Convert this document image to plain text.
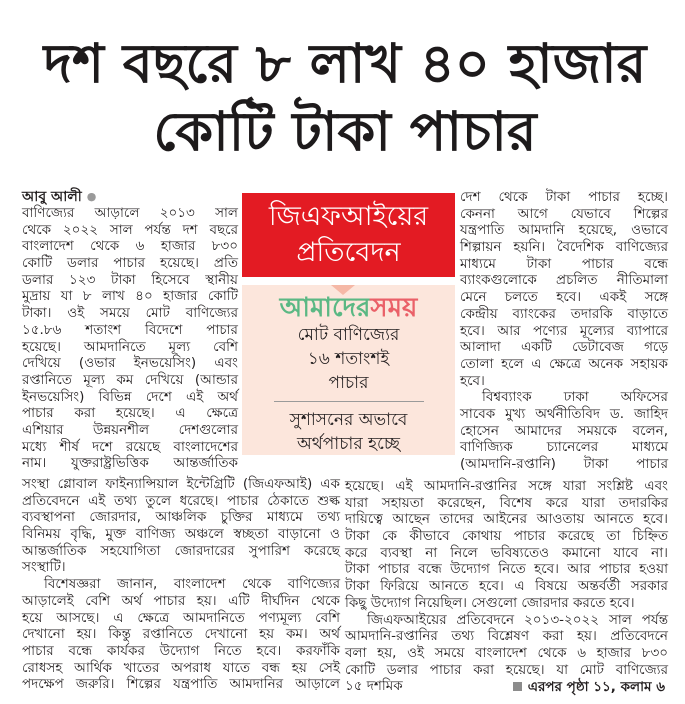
দশ বছরে ৮ লাখ ৪০ হাজার
কোটি টাকা পাচার
আবু আলী ●
বাণিজ্যের আড়ালে ২০১৩ সাল
থেকে ২০২২ সাল পর্যন্ত দশ বছরে
বাংলাদেশ থেকে ৬ হাজার ৮৩০
কোটি ডলার পাচার হয়েছে। প্রতি
ডলার ১২৩ টাকা হিসেবে স্থানীয়
মুদ্রায় যা ৮ লাখ ৪০ হাজার কোটি
টাকা। ওই সময়ে মোট বাণিজ্যের
১৫.৮৬ শতাংশ বিদেশে পাচার
হয়েছে। আমদানিতে মূল্য বেশি
দেখিয়ে (ওভার ইনভয়েসিং) এবং
রপ্তানিতে মূল্য কম দেখিয়ে (আন্ডার
ইনভয়েসিং) বিভিন্ন দেশে এই অর্থ
পাচার করা হয়েছে। এ ক্ষেত্রে
এশিয়ার উন্নয়নশীল দেশগুলোর
মধ্যে শীর্ষ দশে রয়েছে বাংলাদেশের
নাম। যুক্তরাষ্ট্রভিত্তিক আন্তর্জাতিক
সংস্থা গ্লোবাল ফাইন্যান্সিয়াল ইন্টেগ্রিটি (জিএফআই) এক
প্রতিবেদনে এই তথ্য তুলে ধরেছে। পাচার ঠেকাতে শুল্ক
ব্যবস্থাপনা জোরদার, আঞ্চলিক চুক্তির মাধ্যমে তথ্য
বিনিময় বৃদ্ধি, মুক্ত বাণিজ্য অঞ্চলে স্বচ্ছতা বাড়ানো ও
আন্তর্জাতিক সহযোগিতা জোরদারের সুপারিশ করেছে
সংস্থাটি।
বিশেষজ্ঞরা জানান, বাংলাদেশ থেকে বাণিজ্যের
আড়ালেই বেশি অর্থ পাচার হয়। এটি দীর্ঘদিন থেকে
হয়ে আসছে। এ ক্ষেত্রে আমদানিতে পণ্যমূল্য বেশি
দেখানো হয়। কিন্তু রপ্তানিতে দেখানো হয় কম। অর্থ
পাচার বন্ধে কার্যকর উদ্যোগ নিতে হবে। করফাঁকি
রোধসহ আর্থিক খাতের অপরাধ যাতে বন্ধ হয় সেই
পদক্ষেপ জরুরি। শিল্পের যন্ত্রপাতি আমদানির আড়ালে
দেশ থেকে টাকা পাচার হচ্ছে।
কেননা আগে যেভাবে শিল্পের
যন্ত্রপাতি আমদানি হয়েছে, ওভাবে
শিল্পায়ন হয়নি। বৈদেশিক বাণিজ্যের
মাধ্যমে টাকা পাচার বন্ধে
ব্যাংকগুলোকে প্রচলিত নীতিমালা
মেনে চলতে হবে। একই সঙ্গে
কেন্দ্রীয় ব্যাংকের তদারকি বাড়াতে
হবে। আর পণ্যের মূল্যের ব্যাপারে
আলাদা একটি ডেটাবেজ গড়ে
তোলা হলে এ ক্ষেত্রে অনেক সহায়ক
হবে।
বিশ্বব্যাংক ঢাকা অফিসের
সাবেক মুখ্য অর্থনীতিবিদ ড. জাহিদ
হোসেন আমাদের সময়কে বলেন,
বাণিজ্যিক চ্যানেলের মাধ্যমে
(আমদানি-রপ্তানি) টাকা পাচার
হয়েছে। এই আমদানি-রপ্তানির সঙ্গে যারা সংশ্লিষ্ট এবং
যারা সহায়তা করেছেন, বিশেষ করে যারা তদারকির
দায়িত্বে আছেন তাদের আইনের আওতায় আনতে হবে।
টাকা কে কীভাবে কোথায় পাচার করেছে তা চিহ্নিত
করে ব্যবস্থা না নিলে ভবিষ্যতেও কমানো যাবে না।
টাকা পাচার বন্ধে উদ্যোগ নিতে হবে। আর পাচার হওয়া
টাকা ফিরিয়ে আনতে হবে। এ বিষয়ে অন্তর্বর্তী সরকার
কিছু উদ্যোগ নিয়েছিল। সেগুলো জোরদার করতে হবে।
জিএফআইয়ের প্রতিবেদনে ২০১৩-২০২২ সাল পর্যন্ত
আমদানি-রপ্তানির তথ্য বিশ্লেষণ করা হয়। প্রতিবেদনে
বলা হয়, ওই সময়ে বাংলাদেশ থেকে ৬ হাজার ৮৩০
কোটি ডলার পাচার করা হয়েছে। যা মোট বাণিজ্যের
১৫ দশমিক
জিএফআইয়ের
প্রতিবেদন
আমাদেরসময়
মোট বাণিজ্যের
১৬ শতাংশই
পাচার
সুশাসনের অভাবে
অর্থপাচার হচ্ছে
এরপর পৃষ্ঠা ১১, কলাম ৬
